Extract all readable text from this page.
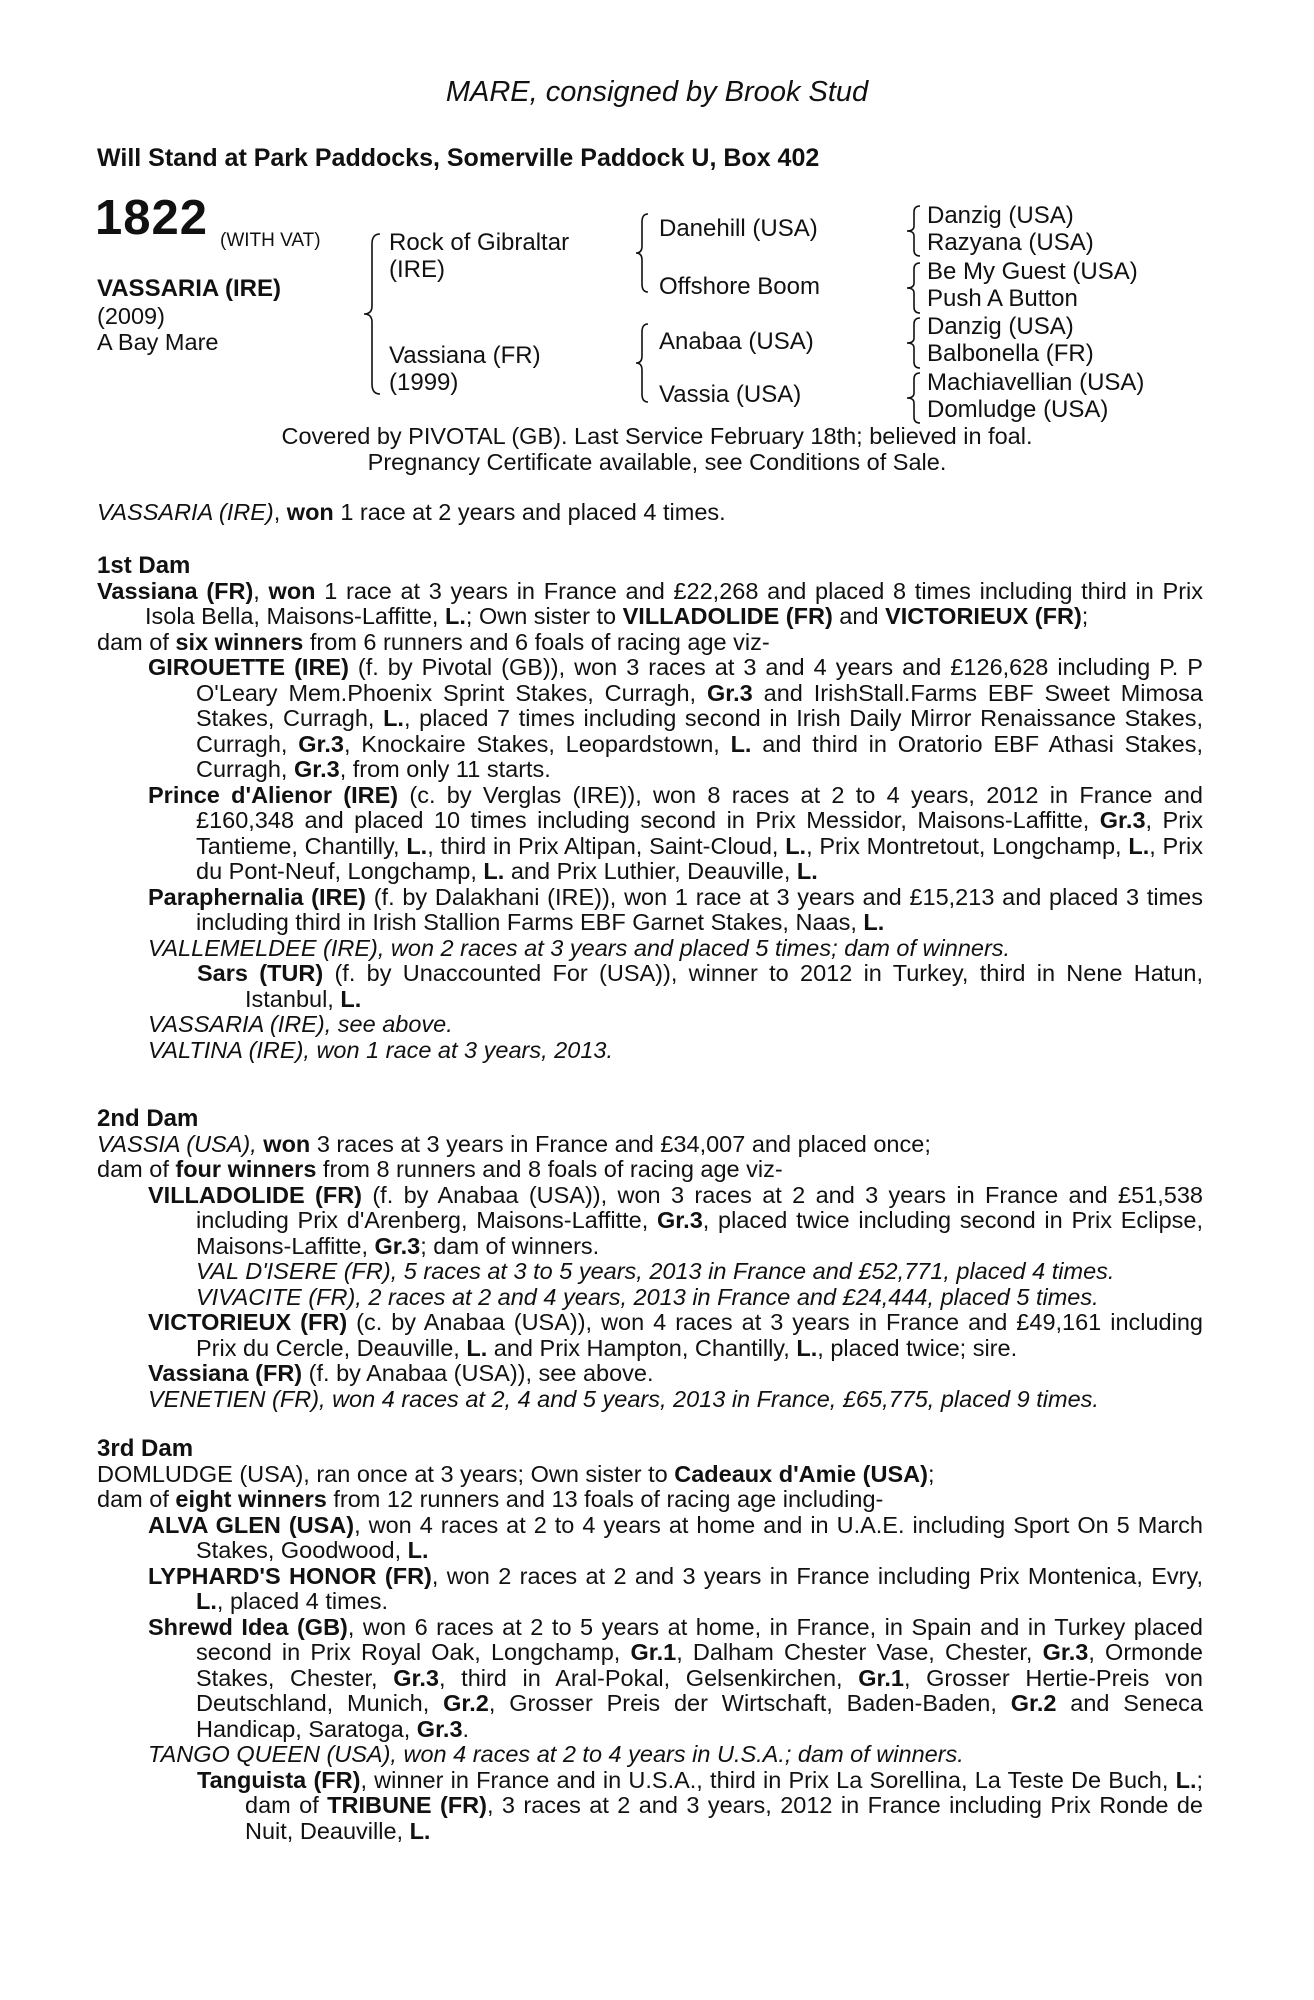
MARE, consigned by Brook Stud
Will Stand at Park Paddocks, Somerville Paddock U, Box 402
1822 (WITH VAT)
VASSARIA (IRE)
(2009)
A Bay Mare
Rock of Gibraltar
(IRE)
Vassiana (FR)
(1999)
Danehill (USA)
Offshore Boom
Anabaa (USA)
Vassia (USA)
Danzig (USA)
Razyana (USA)
Be My Guest (USA)
Push A Button
Danzig (USA)
Balbonella (FR)
Machiavellian (USA)
Domludge (USA)
Covered by PIVOTAL (GB). Last Service February 18th; believed in foal.
Pregnancy Certificate available, see Conditions of Sale.
VASSARIA (IRE), won 1 race at 2 years and placed 4 times.
1st Dam
Vassiana (FR), won 1 race at 3 years in France and £22,268 and placed 8 times including third in Prix Isola Bella, Maisons-Laffitte, L.; Own sister to VILLADOLIDE (FR) and VICTORIEUX (FR);
dam of six winners from 6 runners and 6 foals of racing age viz-
GIROUETTE (IRE) (f. by Pivotal (GB)), won 3 races at 3 and 4 years and £126,628 including P. P O'Leary Mem.Phoenix Sprint Stakes, Curragh, Gr.3 and IrishStall.Farms EBF Sweet Mimosa Stakes, Curragh, L., placed 7 times including second in Irish Daily Mirror Renaissance Stakes, Curragh, Gr.3, Knockaire Stakes, Leopardstown, L. and third in Oratorio EBF Athasi Stakes, Curragh, Gr.3, from only 11 starts.
Prince d'Alienor (IRE) (c. by Verglas (IRE)), won 8 races at 2 to 4 years, 2012 in France and £160,348 and placed 10 times including second in Prix Messidor, Maisons-Laffitte, Gr.3, Prix Tantieme, Chantilly, L., third in Prix Altipan, Saint-Cloud, L., Prix Montretout, Longchamp, L., Prix du Pont-Neuf, Longchamp, L. and Prix Luthier, Deauville, L.
Paraphernalia (IRE) (f. by Dalakhani (IRE)), won 1 race at 3 years and £15,213 and placed 3 times including third in Irish Stallion Farms EBF Garnet Stakes, Naas, L.
VALLEMELDEE (IRE), won 2 races at 3 years and placed 5 times; dam of winners.
Sars (TUR) (f. by Unaccounted For (USA)), winner to 2012 in Turkey, third in Nene Hatun, Istanbul, L.
VASSARIA (IRE), see above.
VALTINA (IRE), won 1 race at 3 years, 2013.
2nd Dam
VASSIA (USA), won 3 races at 3 years in France and £34,007 and placed once;
dam of four winners from 8 runners and 8 foals of racing age viz-
VILLADOLIDE (FR) (f. by Anabaa (USA)), won 3 races at 2 and 3 years in France and £51,538 including Prix d'Arenberg, Maisons-Laffitte, Gr.3, placed twice including second in Prix Eclipse, Maisons-Laffitte, Gr.3; dam of winners.
VAL D'ISERE (FR), 5 races at 3 to 5 years, 2013 in France and £52,771, placed 4 times.
VIVACITE (FR), 2 races at 2 and 4 years, 2013 in France and £24,444, placed 5 times.
VICTORIEUX (FR) (c. by Anabaa (USA)), won 4 races at 3 years in France and £49,161 including Prix du Cercle, Deauville, L. and Prix Hampton, Chantilly, L., placed twice; sire.
Vassiana (FR) (f. by Anabaa (USA)), see above.
VENETIEN (FR), won 4 races at 2, 4 and 5 years, 2013 in France, £65,775, placed 9 times.
3rd Dam
DOMLUDGE (USA), ran once at 3 years; Own sister to Cadeaux d'Amie (USA);
dam of eight winners from 12 runners and 13 foals of racing age including-
ALVA GLEN (USA), won 4 races at 2 to 4 years at home and in U.A.E. including Sport On 5 March Stakes, Goodwood, L.
LYPHARD'S HONOR (FR), won 2 races at 2 and 3 years in France including Prix Montenica, Evry, L., placed 4 times.
Shrewd Idea (GB), won 6 races at 2 to 5 years at home, in France, in Spain and in Turkey placed second in Prix Royal Oak, Longchamp, Gr.1, Dalham Chester Vase, Chester, Gr.3, Ormonde Stakes, Chester, Gr.3, third in Aral-Pokal, Gelsenkirchen, Gr.1, Grosser Hertie-Preis von Deutschland, Munich, Gr.2, Grosser Preis der Wirtschaft, Baden-Baden, Gr.2 and Seneca Handicap, Saratoga, Gr.3.
TANGO QUEEN (USA), won 4 races at 2 to 4 years in U.S.A.; dam of winners.
Tanguista (FR), winner in France and in U.S.A., third in Prix La Sorellina, La Teste De Buch, L.; dam of TRIBUNE (FR), 3 races at 2 and 3 years, 2012 in France including Prix Ronde de Nuit, Deauville, L.
